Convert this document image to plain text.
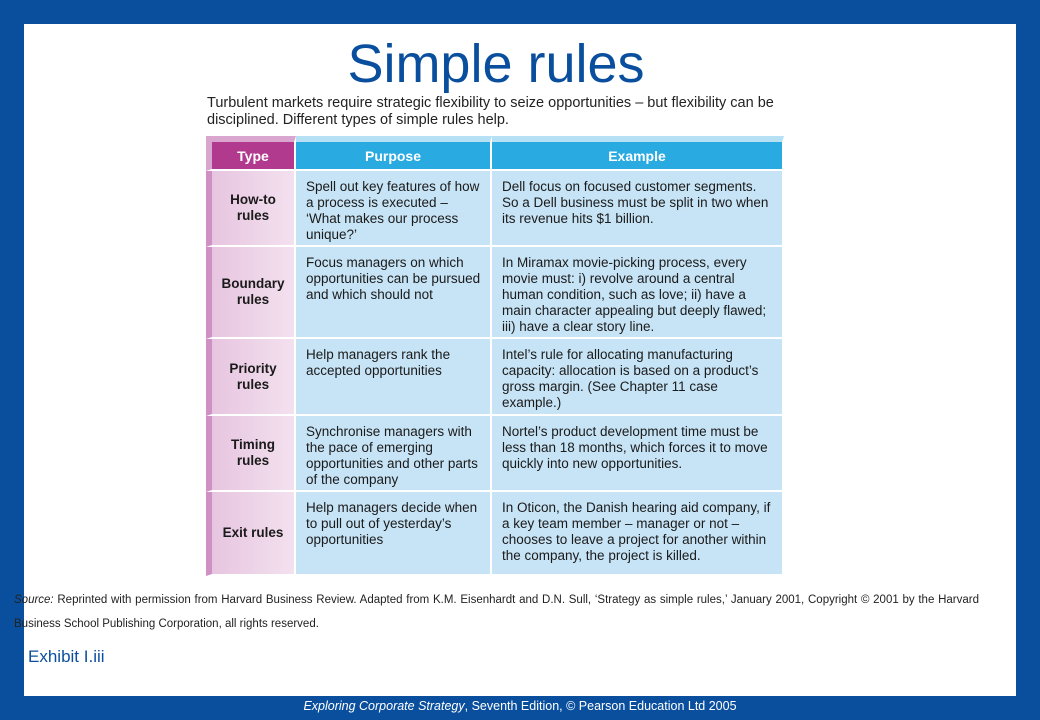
Simple rules
Turbulent markets require strategic flexibility to seize opportunities – but flexibility can be disciplined. Different types of simple rules help.
Type	Purpose	Example
How-to rules
Spell out key features of how a process is executed – ‘What makes our process unique?’
Dell focus on focused customer segments. So a Dell business must be split in two when its revenue hits $1 billion.
Boundary rules
Focus managers on which opportunities can be pursued and which should not
In Miramax movie-picking process, every movie must: i) revolve around a central human condition, such as love; ii) have a main character appealing but deeply flawed; iii) have a clear story line.
Priority rules
Help managers rank the accepted opportunities
Intel’s rule for allocating manufacturing capacity: allocation is based on a product’s gross margin. (See Chapter 11 case example.)
Timing rules
Synchronise managers with the pace of emerging opportunities and other parts of the company
Nortel’s product development time must be less than 18 months, which forces it to move quickly into new opportunities.
Exit rules
Help managers decide when to pull out of yesterday’s opportunities
In Oticon, the Danish hearing aid company, if a key team member – manager or not – chooses to leave a project for another within the company, the project is killed.
Source: Reprinted with permission from Harvard Business Review. Adapted from K.M. Eisenhardt and D.N. Sull, ‘Strategy as simple rules,’ January 2001, Copyright © 2001 by the Harvard Business School Publishing Corporation, all rights reserved.
Exhibit I.iii
Exploring Corporate Strategy, Seventh Edition, © Pearson Education Ltd 2005
